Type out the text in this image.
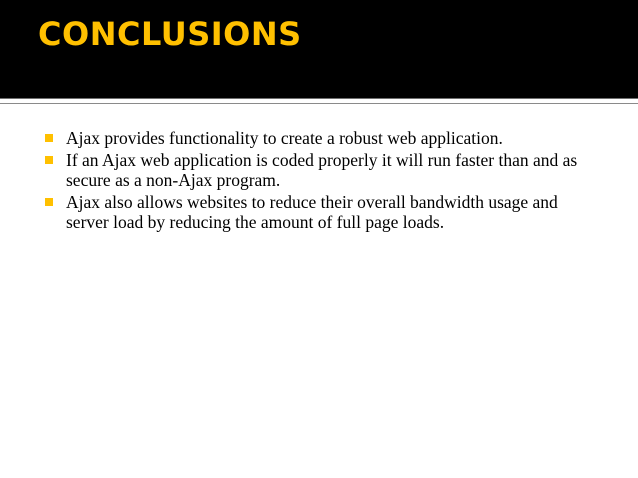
CONCLUSIONS
Ajax provides functionality to create a robust web application.
If an Ajax web application is coded properly it will run faster than and as secure as a non-Ajax program.
Ajax also allows websites to reduce their overall bandwidth usage and server load by reducing the amount of full page loads.
